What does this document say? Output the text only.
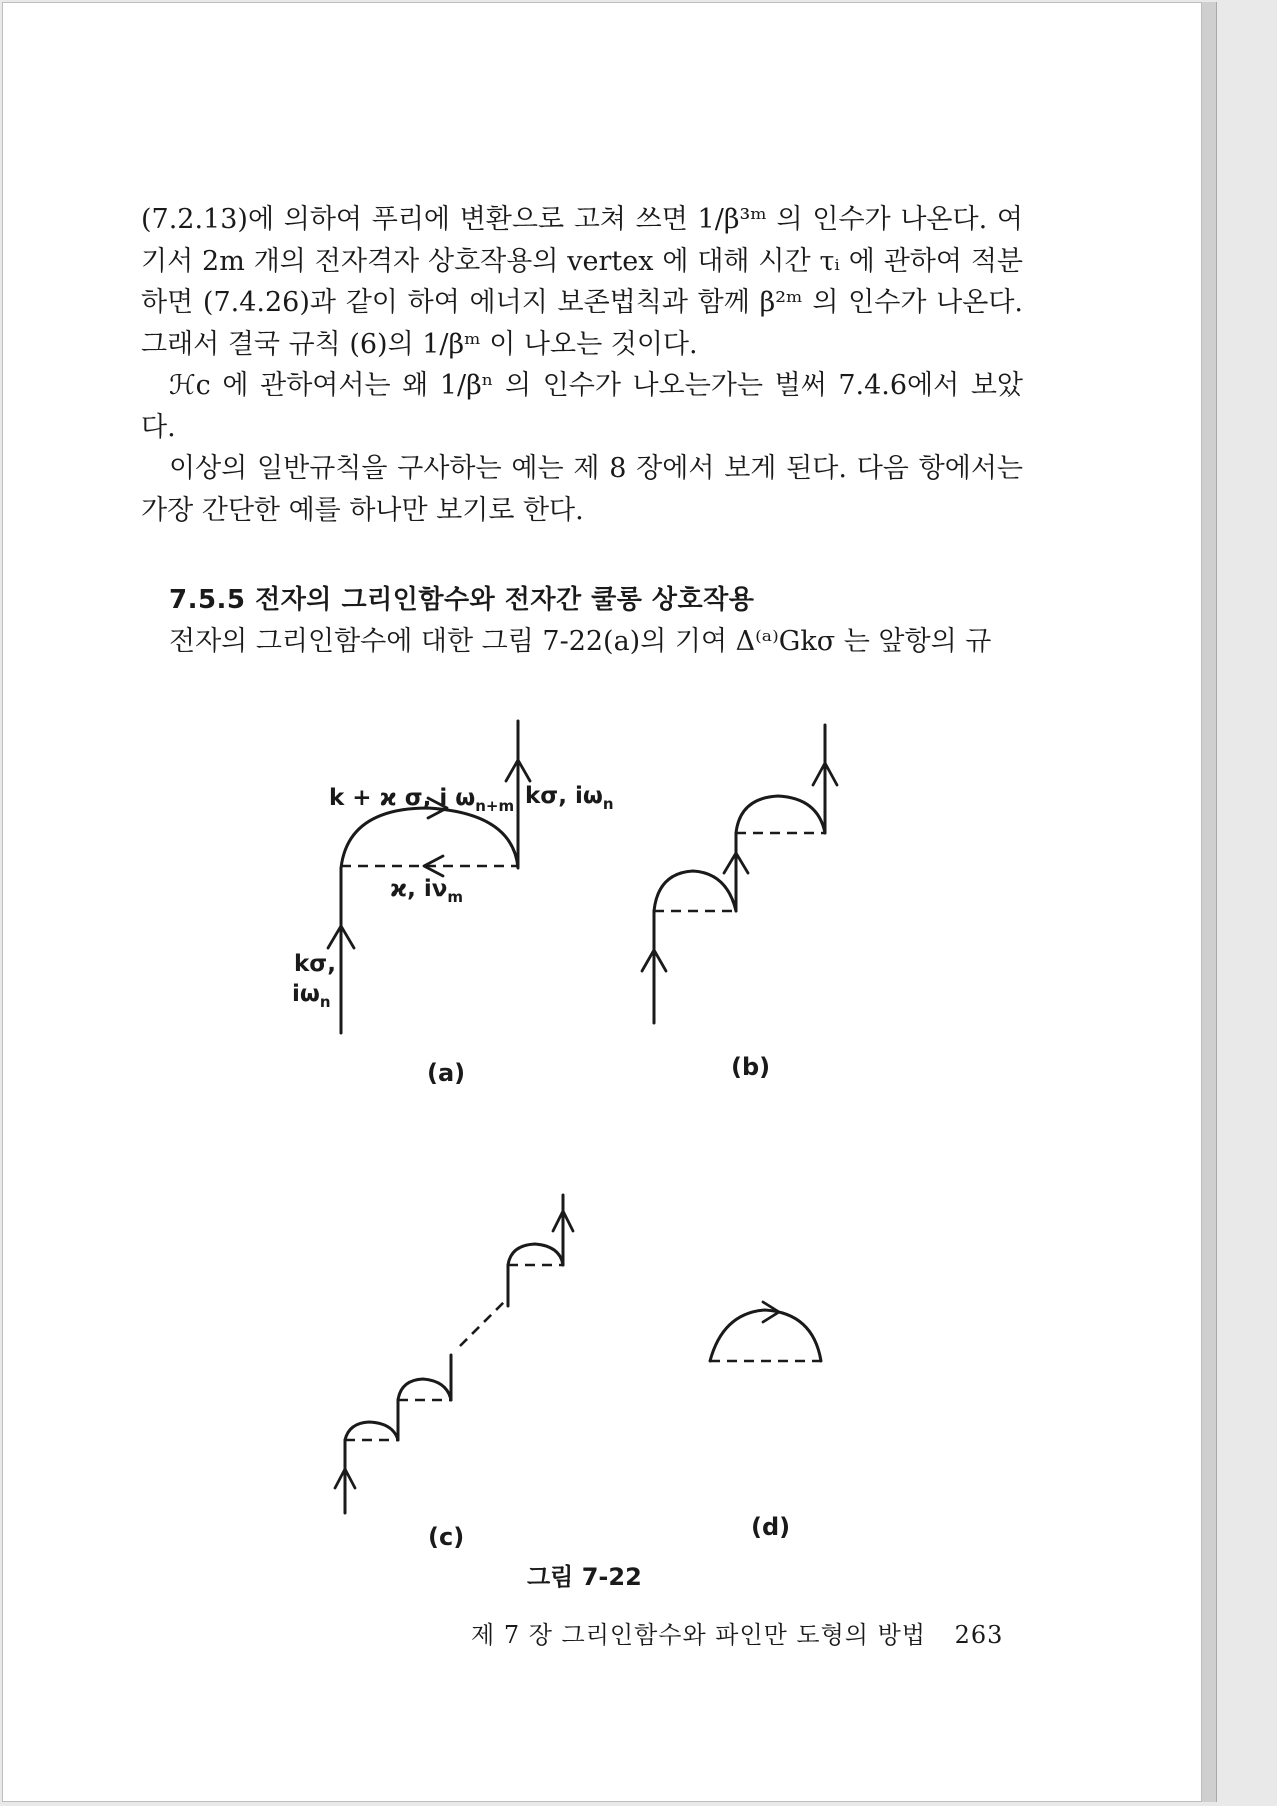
(7.2.13)에 의하여 푸리에 변환으로 고쳐 쓰면 1/β³ᵐ 의 인수가 나온다. 여기서 2m 개의 전자격자 상호작용의 vertex 에 대해 시간 τᵢ 에 관하여 적분하면 (7.4.26)과 같이 하여 에너지 보존법칙과 함께 β²ᵐ 의 인수가 나온다. 그래서 결국 규칙 (6)의 1/βᵐ 이 나오는 것이다.

ℋc 에 관하여서는 왜 1/βⁿ 의 인수가 나오는가는 벌써 7.4.6에서 보았다.

이상의 일반규칙을 구사하는 예는 제 8 장에서 보게 된다. 다음 항에서는 가장 간단한 예를 하나만 보기로 한다.

7.5.5 전자의 그리인함수와 전자간 쿨롱 상호작용
전자의 그리인함수에 대한 그림 7-22(a)의 기여 Δ⁽ᵃ⁾Gkσ 는 앞항의 규
k + ϰ σ, i $\omega_{n+m}$ kσ, $i\omega_n$
ϰ, $i\nu_m$
kσ,
$i\omega_n$
(a)	(b)
(c)	(d)
그림 7-22
제 7 장 그리인함수와 파인만 도형의 방법 263
